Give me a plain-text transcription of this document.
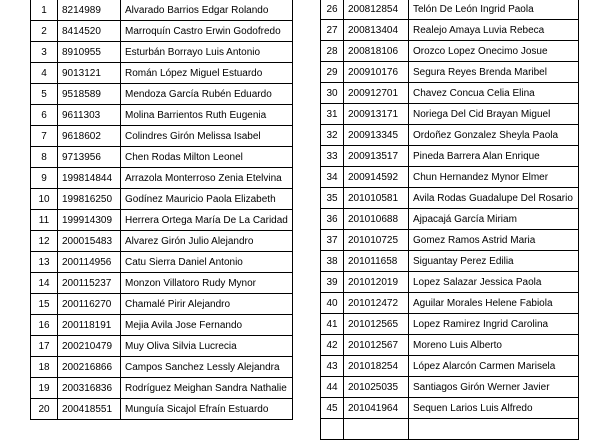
1	8214989	Alvarado Barrios Edgar Rolando
2	8414520	Marroquín Castro Erwin Godofredo
3	8910955	Esturbán Borrayo Luis Antonio
4	9013121	Román López Miguel Estuardo
5	9518589	Mendoza García Rubén Eduardo
6	9611303	Molina Barrientos Ruth Eugenia
7	9618602	Colindres Girón Melissa Isabel
8	9713956	Chen Rodas Milton Leonel
9	199814844	Arrazola Monterroso Zenia Etelvina
10	199816250	Godínez Mauricio Paola Elizabeth
11	199914309	Herrera Ortega María De La Caridad
12	200015483	Alvarez Girón Julio Alejandro
13	200114956	Catu Sierra Daniel Antonio
14	200115237	Monzon Villatoro Rudy Mynor
15	200116270	Chamalé Pirir Alejandro
16	200118191	Mejia Avila Jose Fernando
17	200210479	Muy Oliva Silvia Lucrecia
18	200216866	Campos Sanchez Lessly Alejandra
19	200316836	Rodríguez Meighan Sandra Nathalie
20	200418551	Munguía Sicajol Efraín Estuardo
26	200812854	Telón De León Ingrid Paola
27	200813404	Realejo Amaya Luvia Rebeca
28	200818106	Orozco Lopez Onecimo Josue
29	200910176	Segura Reyes Brenda Maribel
30	200912701	Chavez Concua Celia Elina
31	200913171	Noriega Del Cid Brayan Miguel
32	200913345	Ordoñez Gonzalez Sheyla Paola
33	200913517	Pineda Barrera Alan Enrique
34	200914592	Chun Hernandez Mynor Elmer
35	201010581	Avila Rodas Guadalupe Del Rosario
36	201010688	Ajpacajá García Miriam
37	201010725	Gomez Ramos Astrid Maria
38	201011658	Siguantay Perez Edilia
39	201012019	Lopez Salazar Jessica Paola
40	201012472	Aguilar Morales Helene Fabiola
41	201012565	Lopez Ramirez Ingrid Carolina
42	201012567	Moreno Luis Alberto
43	201018254	López Alarcón Carmen Marisela
44	201025035	Santiagos Girón Werner Javier
45	201041964	Sequen Larios Luis Alfredo
